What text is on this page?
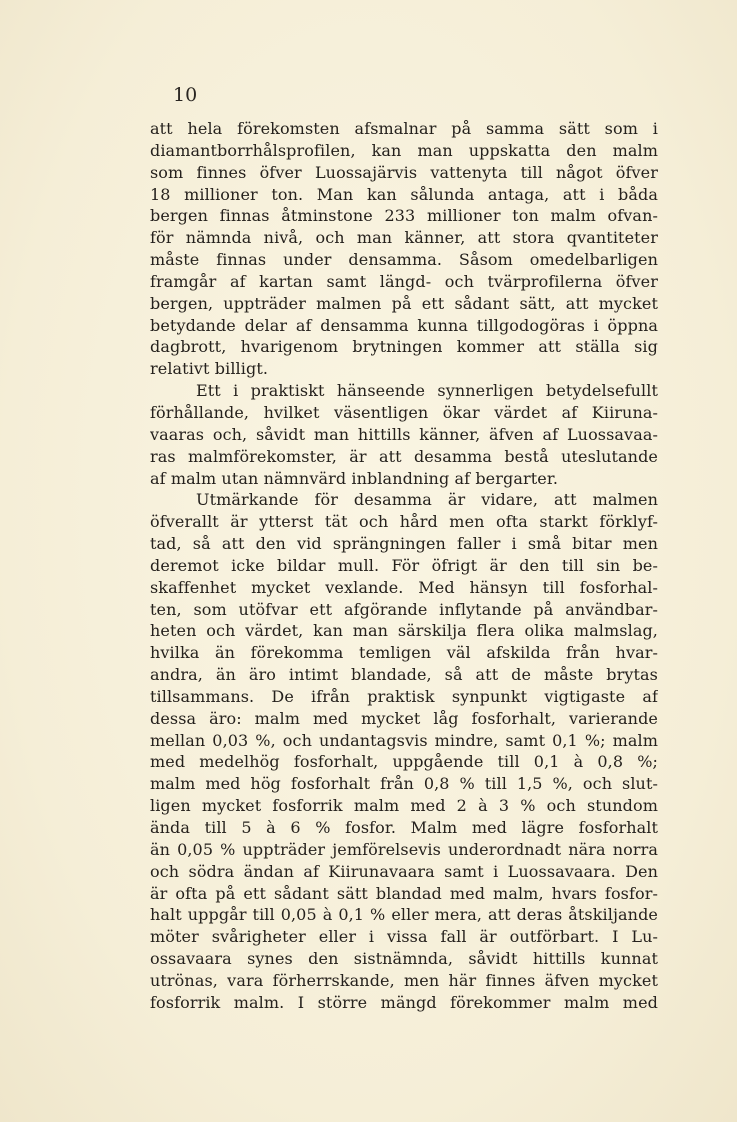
10
att hela förekomsten afsmalnar på samma sätt som i
diamantborrhålsprofilen, kan man uppskatta den malm
som finnes öfver Luossajärvis vattenyta till något öfver
18 millioner ton. Man kan sålunda antaga, att i båda
bergen finnas åtminstone 233 millioner ton malm ofvan-
för nämnda nivå, och man känner, att stora qvantiteter
måste finnas under densamma. Såsom omedelbarligen
framgår af kartan samt längd- och tvärprofilerna öfver
bergen, uppträder malmen på ett sådant sätt, att mycket
betydande delar af densamma kunna tillgodogöras i öppna
dagbrott, hvarigenom brytningen kommer att ställa sig
relativt billigt.
Ett i praktiskt hänseende synnerligen betydelsefullt
förhållande, hvilket väsentligen ökar värdet af Kiiruna-
vaaras och, såvidt man hittills känner, äfven af Luossavaa-
ras malmförekomster, är att desamma bestå uteslutande
af malm utan nämnvärd inblandning af bergarter.
Utmärkande för desamma är vidare, att malmen
öfverallt är ytterst tät och hård men ofta starkt förklyf-
tad, så att den vid sprängningen faller i små bitar men
deremot icke bildar mull. För öfrigt är den till sin be-
skaffenhet mycket vexlande. Med hänsyn till fosforhal-
ten, som utöfvar ett afgörande inflytande på användbar-
heten och värdet, kan man särskilja flera olika malmslag,
hvilka än förekomma temligen väl afskilda från hvar-
andra, än äro intimt blandade, så att de måste brytas
tillsammans. De ifrån praktisk synpunkt vigtigaste af
dessa äro: malm med mycket låg fosforhalt, varierande
mellan 0,03 %, och undantagsvis mindre, samt 0,1 %; malm
med medelhög fosforhalt, uppgående till 0,1 à 0,8 %;
malm med hög fosforhalt från 0,8 % till 1,5 %, och slut-
ligen mycket fosforrik malm med 2 à 3 % och stundom
ända till 5 à 6 % fosfor. Malm med lägre fosforhalt
än 0,05 % uppträder jemförelsevis underordnadt nära norra
och södra ändan af Kiirunavaara samt i Luossavaara. Den
är ofta på ett sådant sätt blandad med malm, hvars fosfor-
halt uppgår till 0,05 à 0,1 % eller mera, att deras åtskiljande
möter svårigheter eller i vissa fall är outförbart. I Lu-
ossavaara synes den sistnämnda, såvidt hittills kunnat
utrönas, vara förherrskande, men här finnes äfven mycket
fosforrik malm. I större mängd förekommer malm med
